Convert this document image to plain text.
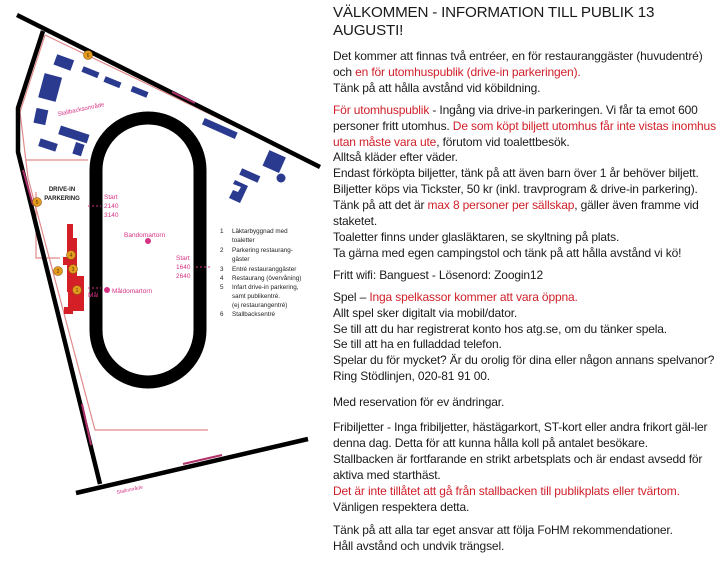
6
5
4
2 3
1
Stallbacksområde
DRIVE-IN
PARKERING
Stallområde
Start
2140
3140
Start
1640
2640
Mål
Bandomartorn
Måldomartorn
1 Läktarbyggnad med
toaletter
2 Parkering restaurang-
gäster
3 Entré restauranggäster
4 Restaurang (övervåning)
5 Infart drive-in parkering,
samt publikentré.
(ej restaurangentré)
6 Stallbacksentré
VÄLKOMMEN - INFORMATION TILL PUBLIK 13 AUGUSTI!

Det kommer att finnas två entréer, en för restauranggäster (huvudentré) och en för utomhuspublik (drive-in parkeringen).
Tänk på att hålla avstånd vid köbildning.

För utomhuspublik - Ingång via drive-in parkeringen. Vi får ta emot 600 personer fritt utomhus. De som köpt biljett utomhus får inte vistas inomhus utan måste vara ute, förutom vid toalettbesök.
Alltså kläder efter väder.
Endast förköpta biljetter, tänk på att även barn över 1 år behöver biljett.
Biljetter köps via Tickster, 50 kr (inkl. travprogram & drive-in parkering).
Tänk på att det är max 8 personer per sällskap, gäller även framme vid staketet.
Toaletter finns under glasläktaren, se skyltning på plats.
Ta gärna med egen campingstol och tänk på att hålla avstånd vi kö!

Fritt wifi: Banguest - Lösenord: Zoogin12

Spel – Inga spelkassor kommer att vara öppna.
Allt spel sker digitalt via mobil/dator.
Se till att du har registrerat konto hos atg.se, om du tänker spela.
Se till att ha en fulladdad telefon.
Spelar du för mycket? Är du orolig för dina eller någon annans spelvanor?
Ring Stödlinjen, 020-81 91 00.

Med reservation för ev ändringar.

Fribiljetter - Inga fribiljetter, hästägarkort, ST-kort eller andra frikort gäl-ler denna dag. Detta för att kunna hålla koll på antalet besökare.
Stallbacken är fortfarande en strikt arbetsplats och är endast avsedd för aktiva med starthäst.
Det är inte tillåtet att gå från stallbacken till publikplats eller tvärtom.
Vänligen respektera detta.

Tänk på att alla tar eget ansvar att följa FoHM rekommendationer.
Håll avstånd och undvik trängsel.
